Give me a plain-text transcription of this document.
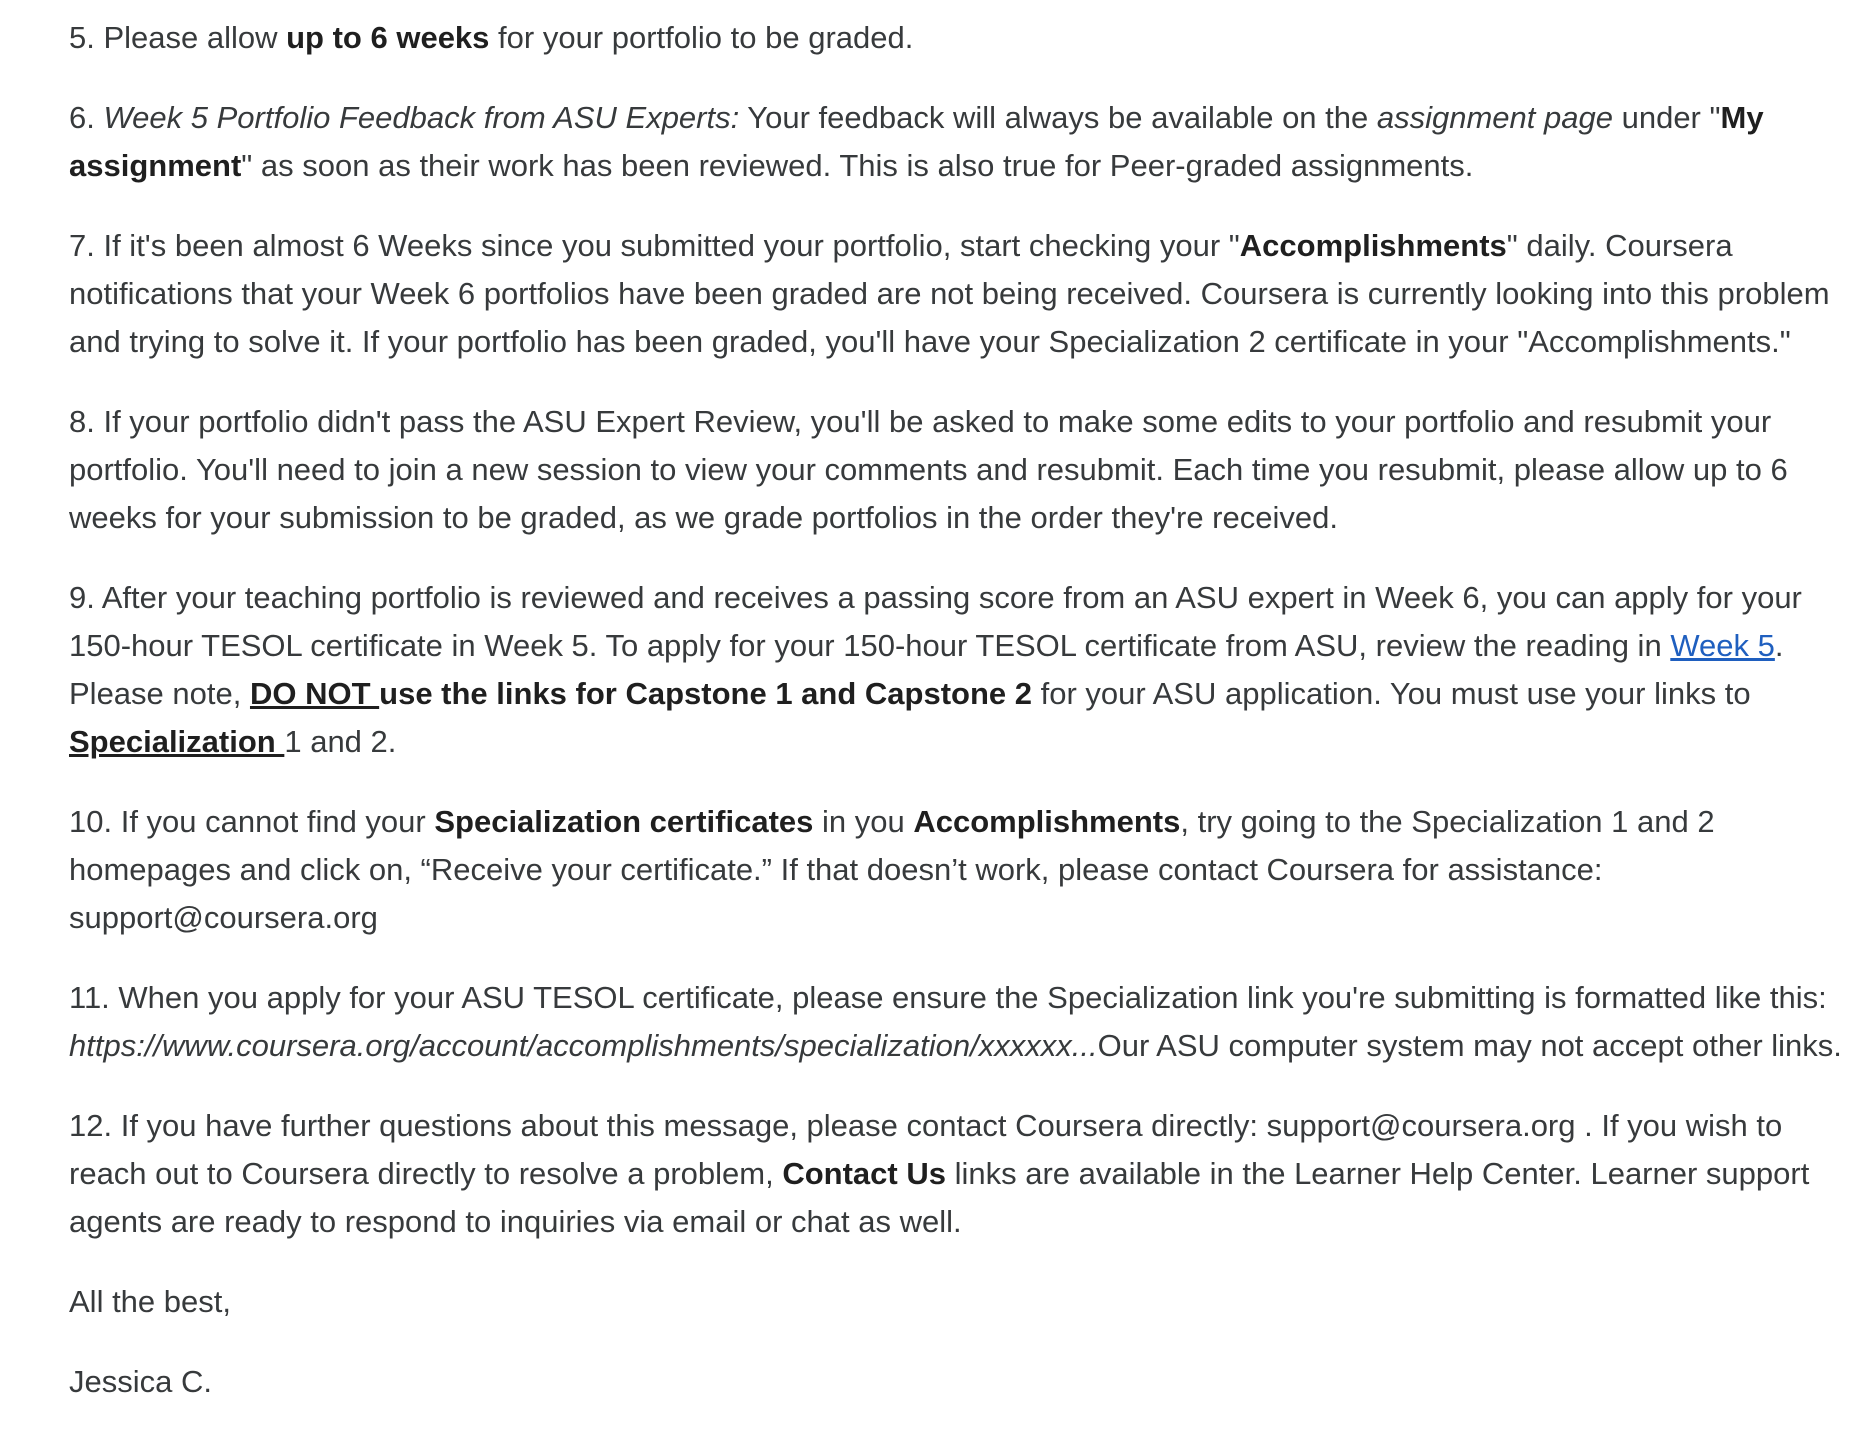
5. Please allow up to 6 weeks for your portfolio to be graded.

6. Week 5 Portfolio Feedback from ASU Experts: Your feedback will always be available on the assignment page under "My assignment" as soon as their work has been reviewed. This is also true for Peer-graded assignments.

7. If it's been almost 6 Weeks since you submitted your portfolio, start checking your "Accomplishments" daily. Coursera notifications that your Week 6 portfolios have been graded are not being received. Coursera is currently looking into this problem and trying to solve it. If your portfolio has been graded, you'll have your Specialization 2 certificate in your "Accomplishments."

8. If your portfolio didn't pass the ASU Expert Review, you'll be asked to make some edits to your portfolio and resubmit your portfolio. You'll need to join a new session to view your comments and resubmit. Each time you resubmit, please allow up to 6 weeks for your submission to be graded, as we grade portfolios in the order they're received.

9. After your teaching portfolio is reviewed and receives a passing score from an ASU expert in Week 6, you can apply for your 150-hour TESOL certificate in Week 5. To apply for your 150-hour TESOL certificate from ASU, review the reading in Week 5. Please note, DO NOT use the links for Capstone 1 and Capstone 2 for your ASU application. You must use your links to Specialization 1 and 2.

10. If you cannot find your Specialization certificates in you Accomplishments, try going to the Specialization 1 and 2 homepages and click on, “Receive your certificate.” If that doesn’t work, please contact Coursera for assistance: support@coursera.org

11. When you apply for your ASU TESOL certificate, please ensure the Specialization link you're submitting is formatted like this: https://www.coursera.org/account/accomplishments/specialization/xxxxxx...Our ASU computer system may not accept other links.

12. If you have further questions about this message, please contact Coursera directly: support@coursera.org . If you wish to reach out to Coursera directly to resolve a problem, Contact Us links are available in the Learner Help Center. Learner support agents are ready to respond to inquiries via email or chat as well.

All the best,

Jessica C.
